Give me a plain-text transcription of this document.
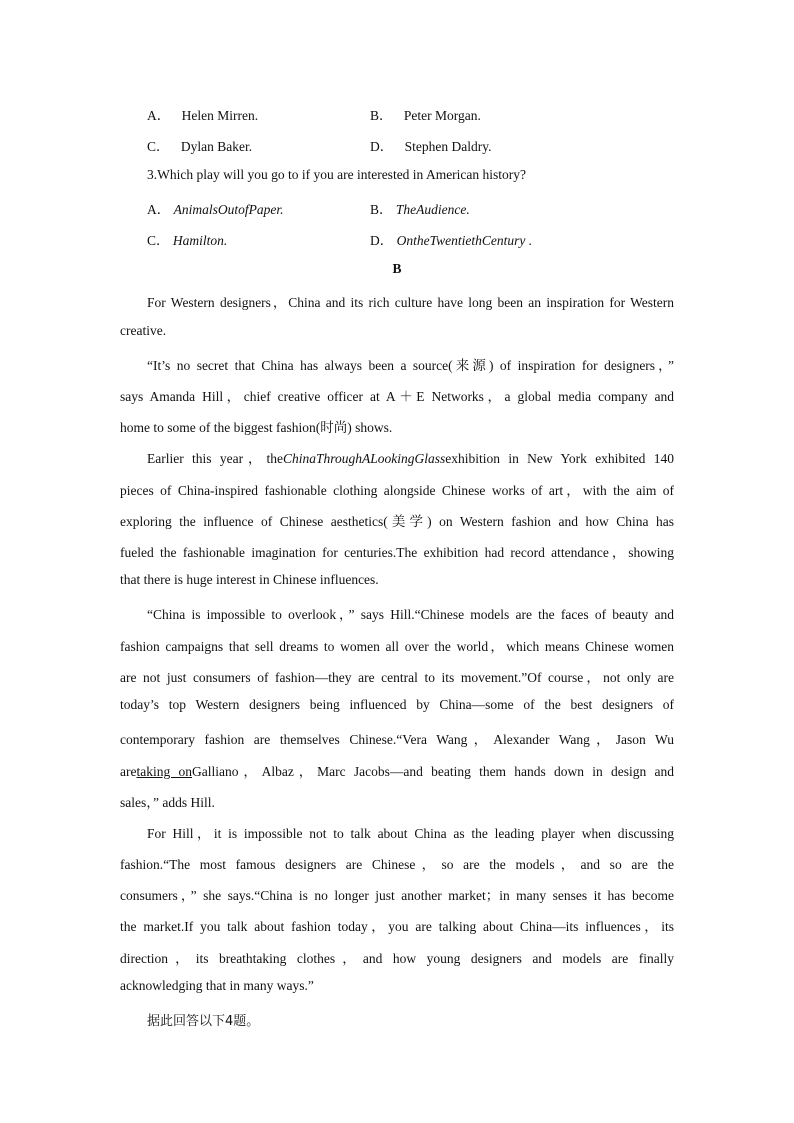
A． Helen Mirren.	B． Peter Morgan.
C． Dylan Baker.	D． Stephen Daldry.
3.Which play will you go to if you are interested in American history?
A． AnimalsOutofPaper.	B． TheAudience.
C． Hamilton.	D． OntheTwentiethCentury .
B
For Western designers，China and its rich culture have long been an inspiration for Western
creative.
“It’s no secret that China has always been a source(来源) of inspiration for designers，”
says Amanda Hill，chief creative officer at A＋E Networks，a global media company and
home to some of the biggest fashion(时尚) shows.
Earlier this year，theChinaThroughALookingGlassexhibition in New York exhibited 140
pieces of China-inspired fashionable clothing alongside Chinese works of art，with the aim of
exploring the influence of Chinese aesthetics(美学) on Western fashion and how China has
fueled the fashionable imagination for centuries.The exhibition had record attendance，showing
that there is huge interest in Chinese influences.
“China is impossible to overlook，” says Hill.“Chinese models are the faces of beauty and
fashion campaigns that sell dreams to women all over the world，which means Chinese women
are not just consumers of fashion—they are central to its movement.”Of course，not only are
today’s top Western designers being influenced by China—some of the best designers of
contemporary fashion are themselves Chinese.“Vera Wang，Alexander Wang，Jason Wu
aretaking onGalliano，Albaz，Marc Jacobs—and beating them hands down in design and
sales，” adds Hill.
For Hill，it is impossible not to talk about China as the leading player when discussing
fashion.“The most famous designers are Chinese，so are the models，and so are the
consumers，” she says.“China is no longer just another market；in many senses it has become
the market.If you talk about fashion today，you are talking about China—its influences，its
direction，its breathtaking clothes，and how young designers and models are finally
acknowledging that in many ways.”
据此回答以下4题。
